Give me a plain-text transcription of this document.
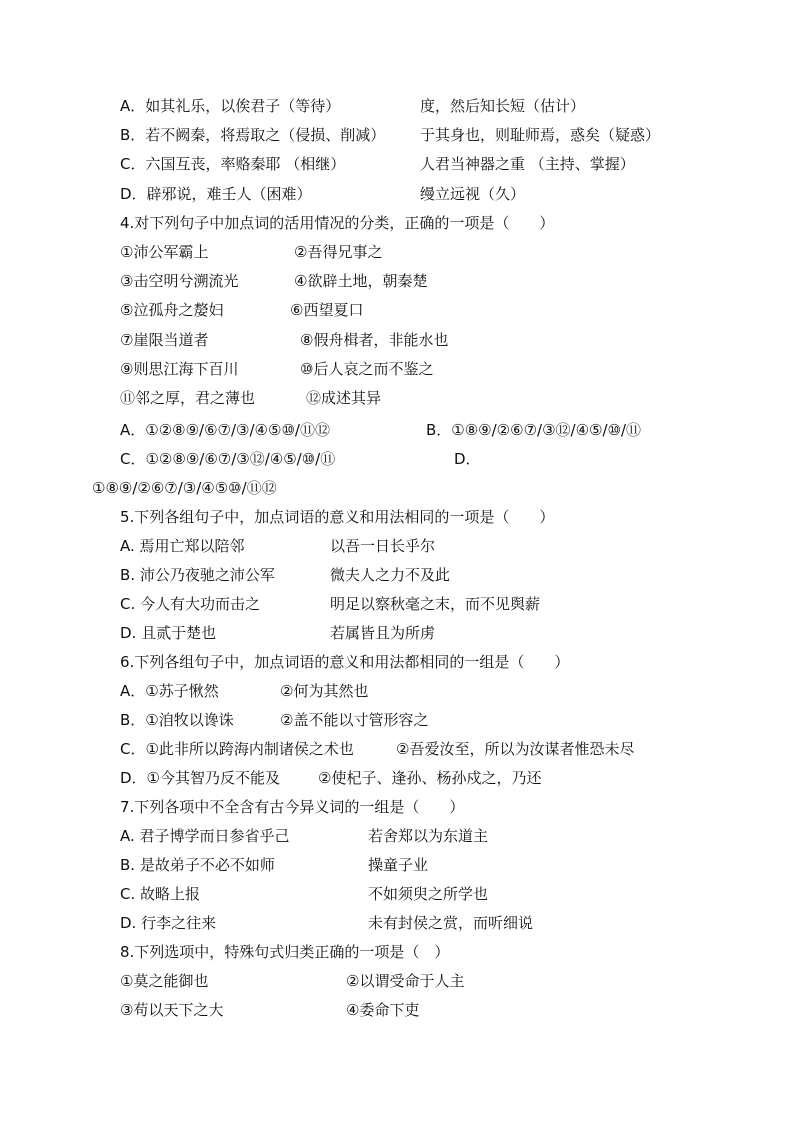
A．如其礼乐，以俟君子（等待）	度，然后知长短（估计）
B．若不阙秦，将焉取之（侵损、削减） 于其身也，则耻师焉，惑矣（疑惑）
C．六国互丧，率赂秦耶 （相继）	人君当神器之重 （主持、掌握）
D．辟邪说，难壬人（困难）	缦立远视（久）
4.对下列句子中加点词的活用情况的分类，正确的一项是（　　）
①沛公军霸上	②吾得兄事之
③击空明兮溯流光	④欲辟土地，朝秦楚
⑤泣孤舟之嫠妇	⑥西望夏口
⑦崖限当道者	⑧假舟楫者，非能水也
⑨则思江海下百川	⑩后人哀之而不鉴之
⑪邻之厚，君之薄也	⑫成述其异
A．①②⑧⑨/⑥⑦/③/④⑤⑩/⑪⑫	B．①⑧⑨/②⑥⑦/③⑫/④⑤/⑩/⑪
C．①②⑧⑨/⑥⑦/③⑫/④⑤/⑩/⑪	D．
①⑧⑨/②⑥⑦/③/④⑤⑩/⑪⑫
5.下列各组句子中，加点词语的意义和用法相同的一项是（　　）
A. 焉用亡郑以陪邻	以吾一日长乎尔
B. 沛公乃夜驰之沛公军	微夫人之力不及此
C. 今人有大功而击之	明足以察秋毫之末，而不见舆薪
D. 且贰于楚也	若属皆且为所虏
6.下列各组句子中，加点词语的意义和用法都相同的一组是（　　）
A．①苏子愀然	②何为其然也
B．①洎牧以谗诛	②盖不能以寸管形容之
C．①此非所以跨海内制诸侯之术也	②吾爱汝至，所以为汝谋者惟恐未尽
D．①今其智乃反不能及	②使杞子、逢孙、杨孙戍之，乃还
7.下列各项中不全含有古今异义词的一组是（　　）
A. 君子博学而日参省乎己	若舍郑以为东道主
B. 是故弟子不必不如师	操童子业
C. 故略上报	不如须臾之所学也
D. 行李之往来	未有封侯之赏，而听细说
8.下列选项中，特殊句式归类正确的一项是（　）
①莫之能御也	②以谓受命于人主
③苟以天下之大	④委命下吏
